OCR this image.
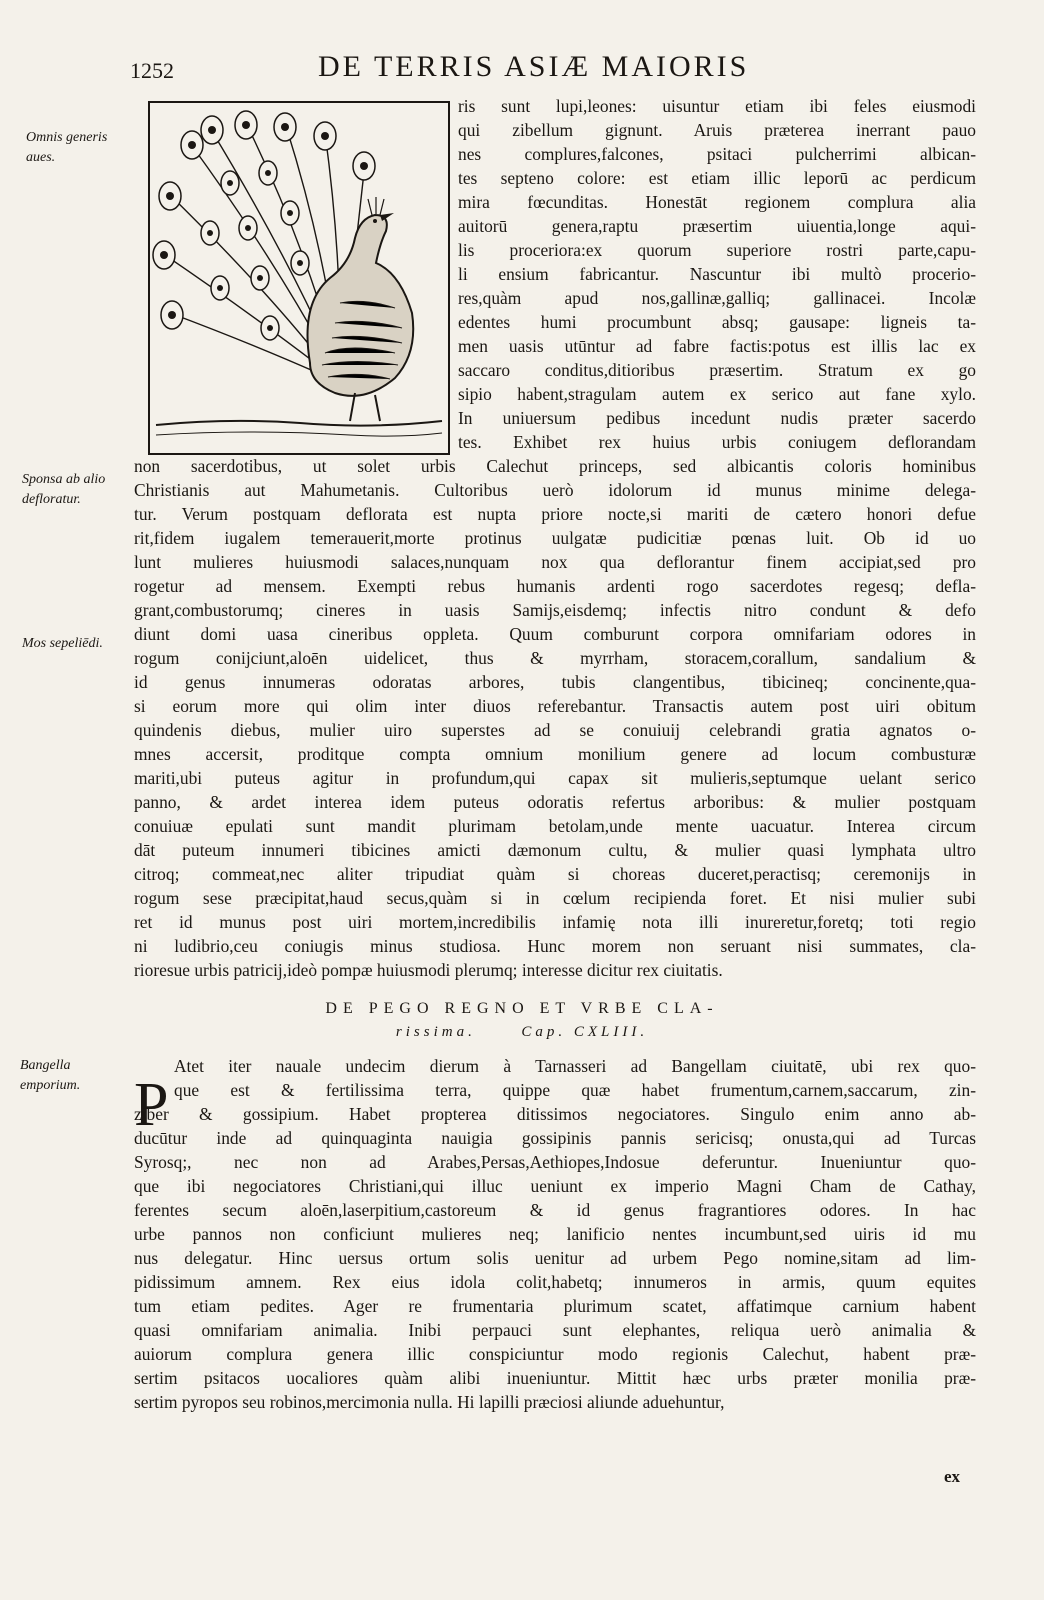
1252	DE TERRIS ASIÆ MAIORIS
Omnis generis aues.
Sponsa ab alio defloratur.
Mos sepeliēdi.
Bangella emporium.
ris sunt lupi,leones: uisuntur etiam ibi feles eiusmodi
qui zibellum gignunt. Aruis præterea inerrant pauo
nes complures,falcones, psitaci pulcherrimi albican-
tes septeno colore: est etiam illic leporū ac perdicum
mira fœcunditas. Honestāt regionem complura alia
auitorū genera,raptu præsertim uiuentia,longe aqui-
lis proceriora:ex quorum superiore rostri parte,capu-
li ensium fabricantur. Nascuntur ibi multò procerio-
res,quàm apud nos,gallinæ,galliq; gallinacei. Incolæ
edentes humi procumbunt absq; gausape: ligneis ta-
men uasis utūntur ad fabre factis:potus est illis lac ex
saccaro conditus,ditioribus præsertim. Stratum ex go
sipio habent,stragulam autem ex serico aut fane xylo.
In uniuersum pedibus incedunt nudis præter sacerdo
tes. Exhibet rex huius urbis coniugem deflorandam
non sacerdotibus, ut solet urbis Calechut princeps, sed albicantis coloris hominibus
Christianis aut Mahumetanis. Cultoribus uerò idolorum id munus minime delega-
tur. Verum postquam deflorata est nupta priore nocte,si mariti de cætero honori defue
rit,fidem iugalem temerauerit,morte protinus uulgatæ pudicitiæ pœnas luit. Ob id uo
lunt mulieres huiusmodi salaces,nunquam nox qua deflorantur finem accipiat,sed pro
rogetur ad mensem. Exempti rebus humanis ardenti rogo sacerdotes regesq; defla-
grant,combustorumq; cineres in uasis Samijs,eisdemq; infectis nitro condunt & defo
diunt domi uasa cineribus oppleta. Quum comburunt corpora omnifariam odores in
rogum conijciunt,aloēn uidelicet, thus & myrrham, storacem,corallum, sandalium &
id genus innumeras odoratas arbores, tubis clangentibus, tibicineq; concinente,qua-
si eorum more qui olim inter diuos referebantur. Transactis autem post uiri obitum
quindenis diebus, mulier uiro superstes ad se conuiuij celebrandi gratia agnatos o-
mnes accersit, proditque compta omnium monilium genere ad locum combusturæ
mariti,ubi puteus agitur in profundum,qui capax sit mulieris,septumque uelant serico
panno, & ardet interea idem puteus odoratis refertus arboribus: & mulier postquam
conuiuæ epulati sunt mandit plurimam betolam,unde mente uacuatur. Interea circum
dāt puteum innumeri tibicines amicti dæmonum cultu, & mulier quasi lymphata ultro
citroq; commeat,nec aliter tripudiat quàm si choreas duceret,peractisq; ceremonijs in
rogum sese præcipitat,haud secus,quàm si in cœlum recipienda foret. Et nisi mulier subi
ret id munus post uiri mortem,incredibilis infamię nota illi inureretur,foretq; toti regio
ni ludibrio,ceu coniugis minus studiosa. Hunc morem non seruant nisi summates, cla-
rioresue urbis patricij,ideò pompæ huiusmodi plerumq; interesse dicitur rex ciuitatis.
DE PEGO REGNO ET VRBE CLA-
rissima.	Cap. CXLIII.
P
Atet iter nauale undecim dierum à Tarnasseri ad Bangellam ciuitatē, ubi rex quo-
que est & fertilissima terra, quippe quæ habet frumentum,carnem,saccarum, zin-
ziber & gossipium. Habet propterea ditissimos negociatores. Singulo enim anno ab-
ducūtur inde ad quinquaginta nauigia gossipinis pannis sericisq; onusta,qui ad Turcas
Syrosq;, nec non ad Arabes,Persas,Aethiopes,Indosue deferuntur. Inueniuntur quo-
que ibi negociatores Christiani,qui illuc ueniunt ex imperio Magni Cham de Cathay,
ferentes secum aloēn,laserpitium,castoreum & id genus fragrantiores odores. In hac
urbe pannos non conficiunt mulieres neq; lanificio nentes incumbunt,sed uiris id mu
nus delegatur. Hinc uersus ortum solis uenitur ad urbem Pego nomine,sitam ad lim-
pidissimum amnem. Rex eius idola colit,habetq; innumeros in armis, quum equites
tum etiam pedites. Ager re frumentaria plurimum scatet, affatimque carnium habent
quasi omnifariam animalia. Inibi perpauci sunt elephantes, reliqua uerò animalia &
auiorum complura genera illic conspiciuntur modo regionis Calechut, habent præ-
sertim psitacos uocaliores quàm alibi inueniuntur. Mittit hæc urbs præter monilia præ-
sertim pyropos seu robinos,mercimonia nulla. Hi lapilli præciosi aliunde aduehuntur,
ex
